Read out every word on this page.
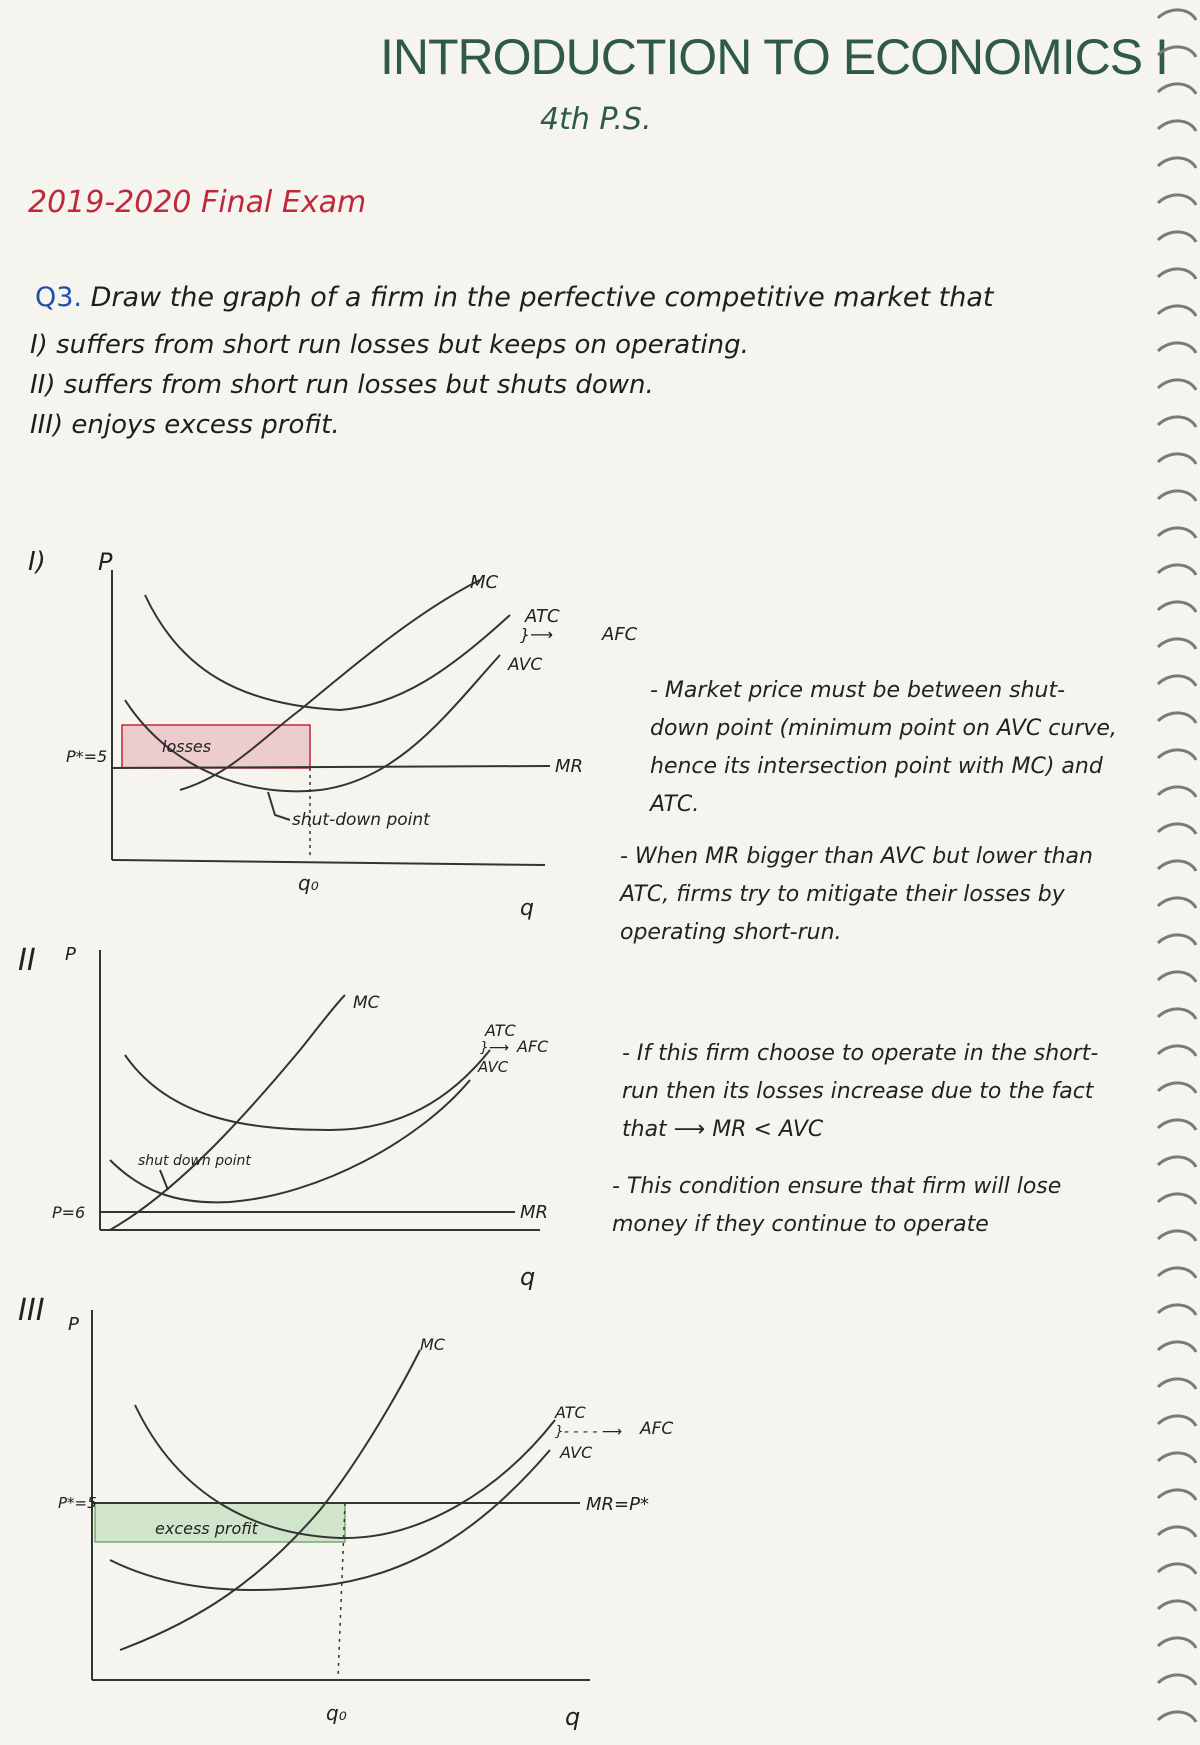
INTRODUCTION TO ECONOMICS I
4th P.S.
2019-2020 Final Exam
Q3. Draw the graph of a firm in the perfective competitive market that
I) suffers from short run losses but keeps on operating.
II) suffers from short run losses but shuts down.
III) enjoys excess profit.
I) P
q
MC
ATC
}⟶	AFC
AVC
MR
P*=5
losses
shut-down point
q₀
- Market price must be between shut-down point (minimum point on AVC curve, hence its intersection point with MC) and ATC.
- When MR bigger than AVC but lower than ATC, firms try to mitigate their losses by operating short-run.
II P
q
MC
ATC
}⟶ AFC
AVC
MR
P=6
shut down point
- If this firm choose to operate in the short-run then its losses increase due to the fact that ⟶ MR < AVC
- This condition ensure that firm will lose money if they continue to operate
III P
q
MC
ATC
}- - - - ⟶ AFC
AVC
MR=P*
P*=5
excess profit
q₀
